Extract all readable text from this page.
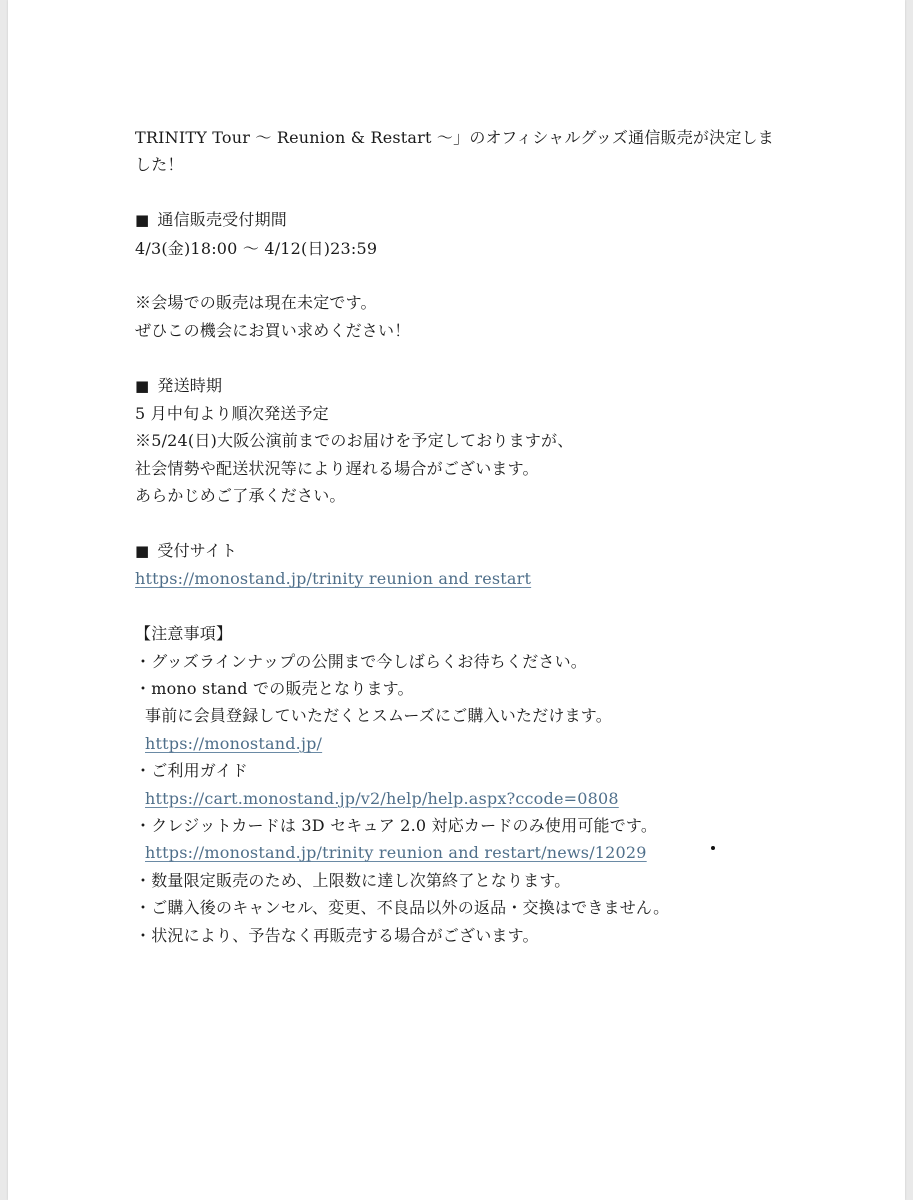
TRINITY Tour ～ Reunion & Restart ～」のオフィシャルグッズ通信販売が決定しま
した！
■ 通信販売受付期間
4/3(金)18:00 ～ 4/12(日)23:59
※会場での販売は現在未定です。
ぜひこの機会にお買い求めください！
■ 発送時期
5 月中旬より順次発送予定
※5/24(日)大阪公演前までのお届けを予定しておりますが、
社会情勢や配送状況等により遅れる場合がございます。
あらかじめご了承ください。
■ 受付サイト
https://monostand.jp/trinity reunion and restart
【注意事項】
・グッズラインナップの公開まで今しばらくお待ちください。
・mono stand での販売となります。
事前に会員登録していただくとスムーズにご購入いただけます。
https://monostand.jp/
・ご利用ガイド
https://cart.monostand.jp/v2/help/help.aspx?ccode=0808
・クレジットカードは 3D セキュア 2.0 対応カードのみ使用可能です。
https://monostand.jp/trinity reunion and restart/news/12029
・数量限定販売のため、上限数に達し次第終了となります。
・ご購入後のキャンセル、変更、不良品以外の返品・交換はできません。
・状況により、予告なく再販売する場合がございます。
